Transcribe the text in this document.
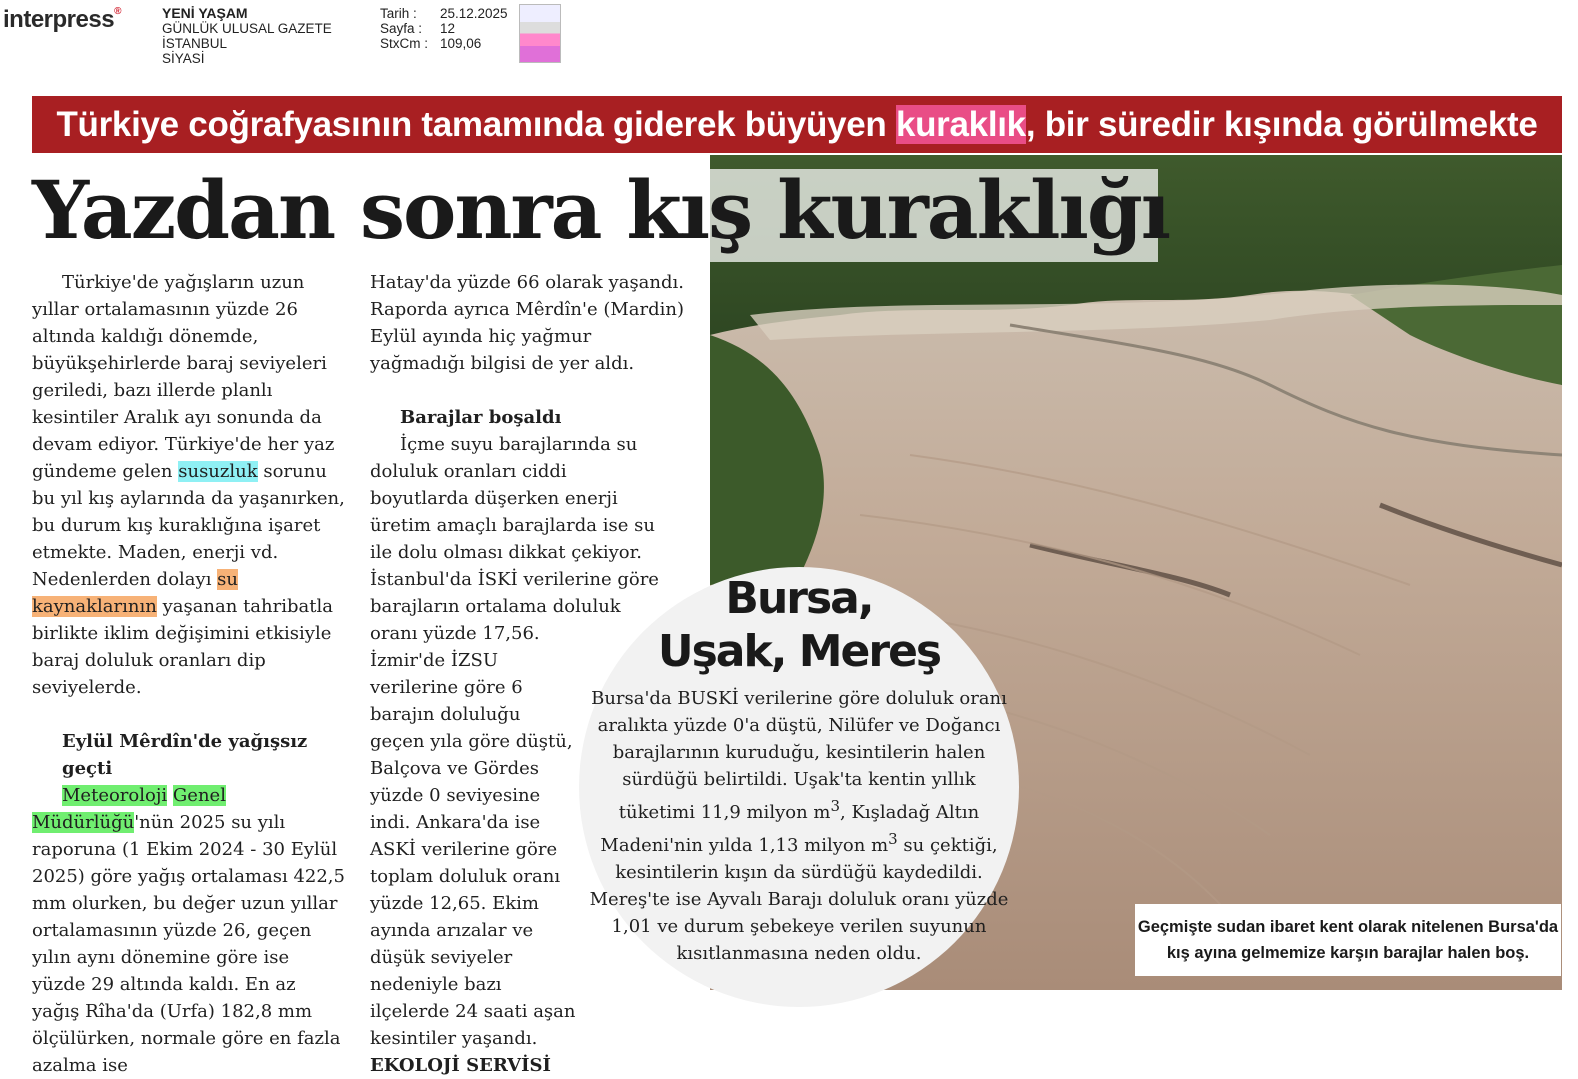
interpress®	YENİ YAŞAM
GÜNLÜK ULUSAL GAZETE
İSTANBUL
SİYASİ
Tarih :	25.12.2025
Sayfa :	12
StxCm : 109,06
Türkiye coğrafyasının tamamında giderek büyüyen kuraklık, bir süredir kışında görülmekte
Yazdan sonra kış kuraklığı

Türkiye'de yağışların uzun yıllar ortalamasının yüzde 26 altında kaldığı dönemde, büyükşehirlerde baraj seviyeleri geriledi, bazı illerde planlı kesintiler Aralık ayı sonunda da devam ediyor. Türkiye'de her yaz gündeme gelen susuzluk sorunu bu yıl kış aylarında da yaşanırken, bu durum kış kuraklığına işaret etmekte. Maden, enerji vd. Nedenlerden dolayı su kaynaklarının yaşanan tahribatla birlikte iklim değişimini etkisiyle baraj doluluk oranları dip seviyelerde.

Eylül Mêrdîn'de yağışsız geçti

Meteoroloji Genel Müdürlüğü'nün 2025 su yılı raporuna (1 Ekim 2024 - 30 Eylül 2025) göre yağış ortalaması 422,5 mm olurken, bu değer uzun yıllar ortalamasının yüzde 26, geçen yılın aynı dönemine göre ise yüzde 29 altında kaldı. En az yağış Rîha'da (Urfa) 182,8 mm ölçülürken, normale göre en fazla azalma ise

Hatay'da yüzde 66 olarak yaşandı. Raporda ayrıca Mêrdîn'e (Mardin) Eylül ayında hiç yağmur yağmadığı bilgisi de yer aldı.

Barajlar boşaldı

İçme suyu barajlarında su doluluk oranları ciddi boyutlarda düşerken enerji üretim amaçlı barajlarda ise su ile dolu olması dikkat çekiyor. İstanbul'da İSKİ verilerine göre barajların ortalama doluluk oranı yüzde 17,56.

İzmir'de İZSU verilerine göre 6 barajın doluluğu geçen yıla göre düştü, Balçova ve Gördes yüzde 0 seviyesine indi. Ankara'da ise ASKİ verilerine göre toplam doluluk oranı yüzde 12,65. Ekim ayında arızalar ve düşük seviyeler nedeniyle bazı ilçelerde 24 saati aşan kesintiler yaşandı.

EKOLOJİ SERVİSİ

Bursa,
Uşak, Mereş
Bursa'da BUSKİ verilerine göre doluluk oranı aralıkta yüzde 0'a düştü, Nilüfer ve Doğancı barajlarının kuruduğu, kesintilerin halen sürdüğü belirtildi. Uşak'ta kentin yıllık tüketimi 11,9 milyon $m^3$, Kışladağ Altın Madeni'nin yılda 1,13 milyon $m^3$ su çektiği, kesintilerin kışın da sürdüğü kaydedildi. Mereş'te ise Ayvalı Barajı doluluk oranı yüzde 1,01 ve durum şebekeye verilen suyunun kısıtlanmasına neden oldu.
Geçmişte sudan ibaret kent olarak nitelenen Bursa'da kış ayına gelmemize karşın barajlar halen boş.
